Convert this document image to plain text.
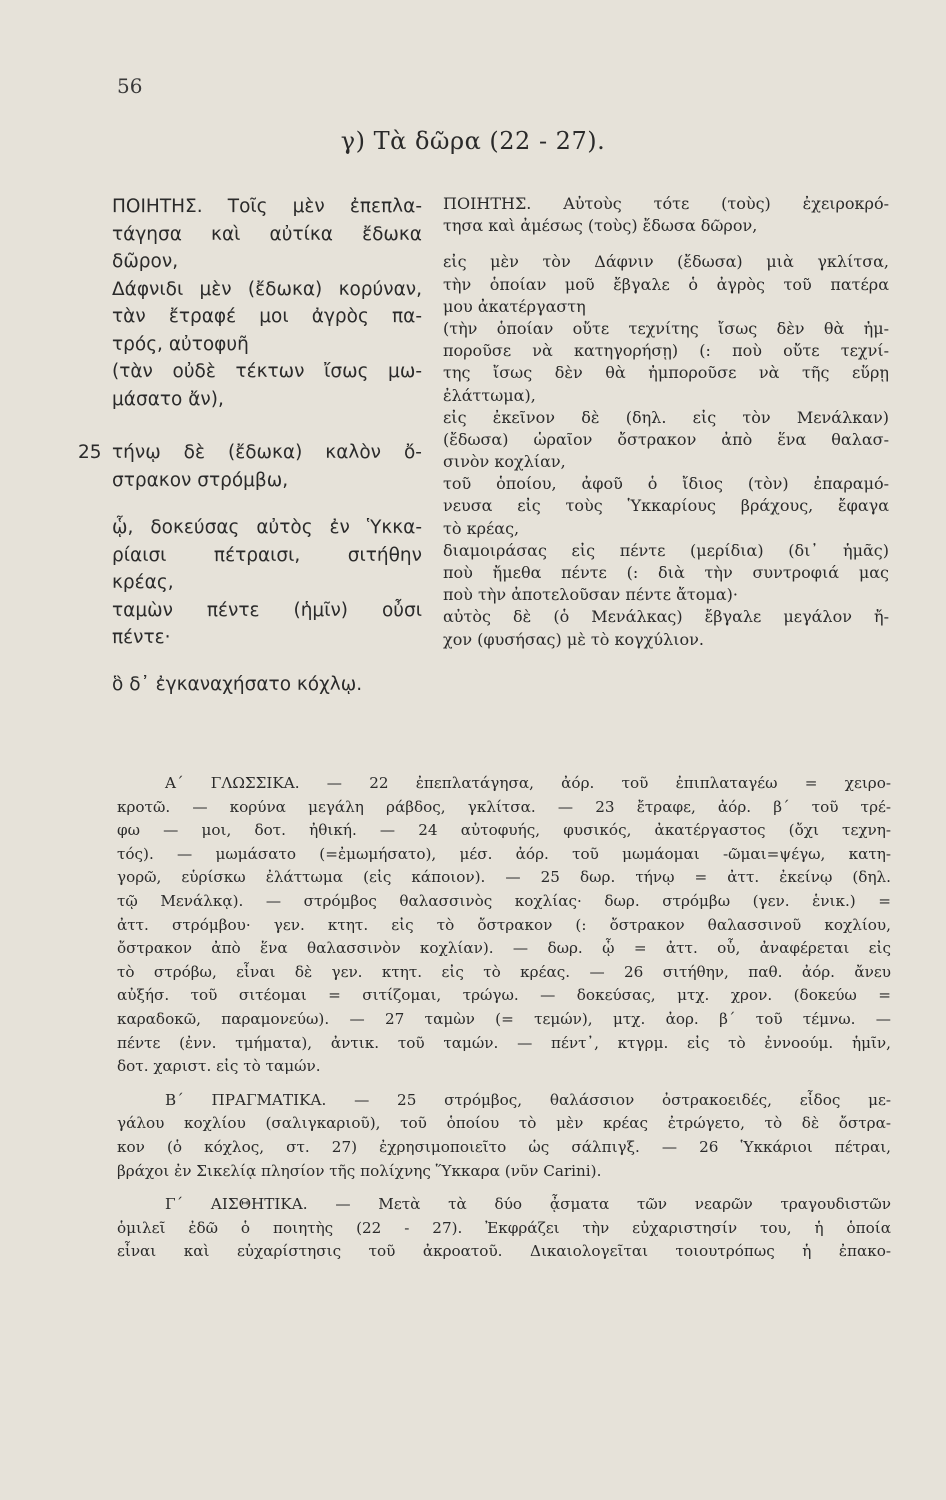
56
γ) Τὰ δῶρα (22 - 27).
ΠΟΙΗΤΗΣ. Τοῖς μὲν ἐπεπλα-
τάγησα καὶ αὐτίκα ἔδωκα
δῶρον,
Δάφνιδι μὲν (ἔδωκα) κορύναν,
τὰν ἔτραφέ μοι ἀγρὸς πα-
τρός, αὐτοφυῆ
(τὰν οὐδὲ τέκτων ἴσως μω-
μάσατο ἄν),
25 τήνῳ δὲ (ἔδωκα) καλὸν ὄ-
στρακον στρόμβω,
ᾧ, δοκεύσας αὐτὸς ἐν Ὑκκα-
ρίαισι πέτραισι, σιτήθην
κρέας,
ταμὼν πέντε (ἡμῖν) οὖσι
πέντε·
ὃ δ᾽ ἐγκαναχήσατο κόχλῳ.
ΠΟΙΗΤΗΣ. Αὐτοὺς τότε (τοὺς) ἐχειροκρό-
τησα καὶ ἀμέσως (τοὺς) ἔδωσα δῶρον,
εἰς μὲν τὸν Δάφνιν (ἔδωσα) μιὰ γκλίτσα,
τὴν ὁποίαν μοῦ ἔβγαλε ὁ ἀγρὸς τοῦ πατέρα
μου ἀκατέργαστη
(τὴν ὁποίαν οὔτε τεχνίτης ἴσως δὲν θὰ ἠμ-
ποροῦσε νὰ κατηγορήσῃ) (: ποὺ οὔτε τεχνί-
της ἴσως δὲν θὰ ἠμποροῦσε νὰ τῆς εὕρῃ
ἐλάττωμα),
εἰς ἐκεῖνον δὲ (δηλ. εἰς τὸν Μενάλκαν)
(ἔδωσα) ὡραῖον ὄστρακον ἀπὸ ἕνα θαλασ-
σινὸν κοχλίαν,
τοῦ ὁποίου, ἀφοῦ ὁ ἴδιος (τὸν) ἐπαραμό-
νευσα εἰς τοὺς Ὑκκαρίους βράχους, ἔφαγα
τὸ κρέας,
διαμοιράσας εἰς πέντε (μερίδια) (δι᾽ ἡμᾶς)
ποὺ ἤμεθα πέντε (: διὰ τὴν συντροφιά μας
ποὺ τὴν ἀποτελοῦσαν πέντε ἄτομα)·
αὐτὸς δὲ (ὁ Μενάλκας) ἔβγαλε μεγάλον ἤ-
χον (φυσήσας) μὲ τὸ κογχύλιον.
Α΄ ΓΛΩΣΣΙΚΑ. — 22 ἐπεπλατάγησα, ἀόρ. τοῦ ἐπιπλαταγέω = χειρο-
κροτῶ. — κορύνα μεγάλη ράβδος, γκλίτσα. — 23 ἔτραφε, ἀόρ. β΄ τοῦ τρέ-
φω — μοι, δοτ. ἠθική. — 24 αὐτοφυής, φυσικός, ἀκατέργαστος (ὄχι τεχνη-
τός). — μωμάσατο (=ἐμωμήσατο), μέσ. ἀόρ. τοῦ μωμάομαι -ῶμαι=ψέγω, κατη-
γορῶ, εὑρίσκω ἐλάττωμα (εἰς κάποιον). — 25 δωρ. τήνῳ = ἀττ. ἐκείνῳ (δηλ.
τῷ Μενάλκᾳ). — στρόμβος θαλασσινὸς κοχλίας· δωρ. στρόμβω (γεν. ἑνικ.) =
ἀττ. στρόμβου· γεν. κτητ. εἰς τὸ ὄστρακον (: ὄστρακον θαλασσινοῦ κοχλίου,
ὄστρακον ἀπὸ ἕνα θαλασσινὸν κοχλίαν). — δωρ. ᾧ = ἀττ. οὗ, ἀναφέρεται εἰς
τὸ στρόβω, εἶναι δὲ γεν. κτητ. εἰς τὸ κρέας. — 26 σιτήθην, παθ. ἀόρ. ἄνευ
αὐξήσ. τοῦ σιτέομαι = σιτίζομαι, τρώγω. — δοκεύσας, μτχ. χρον. (δοκεύω =
καραδοκῶ, παραμονεύω). — 27 ταμὼν (= τεμών), μτχ. ἀορ. β΄ τοῦ τέμνω. —
πέντε (ἐνν. τμήματα), ἀντικ. τοῦ ταμών. — πέντ᾽, κτγρμ. εἰς τὸ ἐννοούμ. ἡμῖν,
δοτ. χαριστ. εἰς τὸ ταμών.
Β΄ ΠΡΑΓΜΑΤΙΚΑ. — 25 στρόμβος, θαλάσσιον ὀστρακοειδές, εἶδος με-
γάλου κοχλίου (σαλιγκαριοῦ), τοῦ ὁποίου τὸ μὲν κρέας ἐτρώγετο, τὸ δὲ ὄστρα-
κον (ὁ κόχλος, στ. 27) ἐχρησιμοποιεῖτο ὡς σάλπιγξ. — 26 Ὑκκάριοι πέτραι,
βράχοι ἐν Σικελίᾳ πλησίον τῆς πολίχνης Ὕκκαρα (νῦν Carini).
Γ΄ ΑΙΣΘΗΤΙΚΑ. — Μετὰ τὰ δύο ᾆσματα τῶν νεαρῶν τραγουδιστῶν
ὁμιλεῖ ἐδῶ ὁ ποιητὴς (22 - 27). Ἐκφράζει τὴν εὐχαριστησίν του, ἡ ὁποία
εἶναι καὶ εὐχαρίστησις τοῦ ἀκροατοῦ. Δικαιολογεῖται τοιουτρόπως ἡ ἐπακο-
